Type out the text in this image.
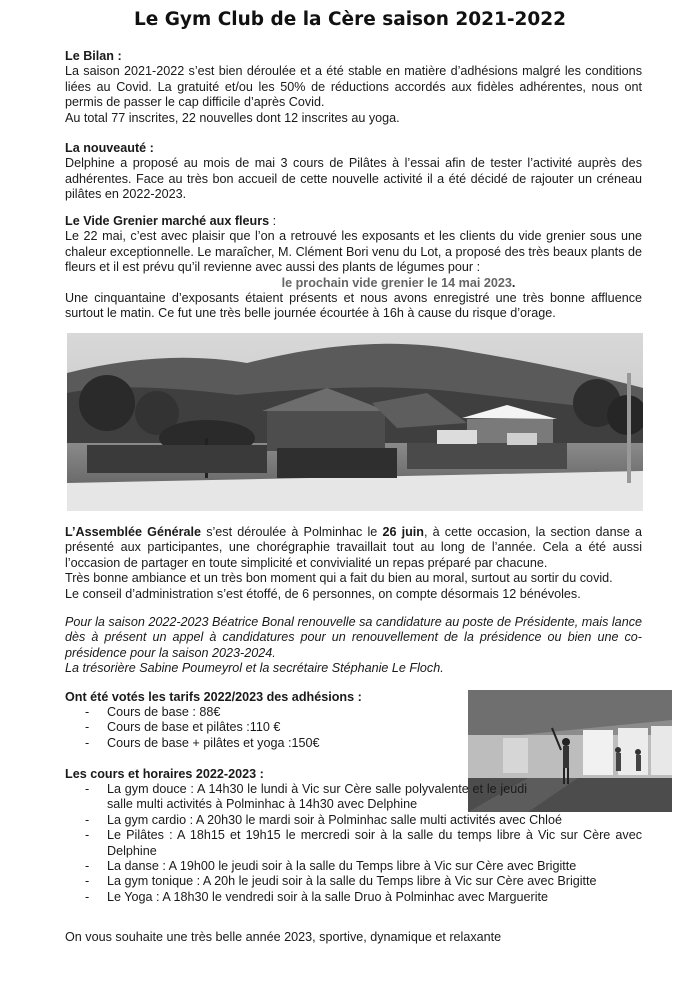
Le Gym Club de la Cère saison 2021-2022

Le Bilan :

La saison 2021-2022 s’est bien déroulée et a été stable en matière d’adhésions malgré les conditions liées au Covid. La gratuité et/ou les 50% de réductions accordés aux fidèles adhérentes, nous ont permis de passer le cap difficile d’après Covid.

Au total 77 inscrites, 22 nouvelles dont 12 inscrites au yoga.

La nouveauté :

Delphine a proposé au mois de mai 3 cours de Pilâtes à l’essai afin de tester l’activité auprès des adhérentes. Face au très bon accueil de cette nouvelle activité il a été décidé de rajouter un créneau pilâtes en 2022-2023.

Le Vide Grenier marché aux fleurs :

Le 22 mai, c’est avec plaisir que l’on a retrouvé les exposants et les clients du vide grenier sous une chaleur exceptionnelle. Le maraîcher, M. Clément Bori venu du Lot, a proposé des très beaux plants de fleurs et il est prévu qu’il revienne avec aussi des plants de légumes pour :

le prochain vide grenier le 14 mai 2023.

Une cinquantaine d’exposants étaient présents et nous avons enregistré une très bonne affluence surtout le matin. Ce fut une très belle journée écourtée à 16h à cause du risque d’orage.

L’Assemblée Générale s’est déroulée à Polminhac le 26 juin, à cette occasion, la section danse a présenté aux participantes, une chorégraphie travaillait tout au long de l’année. Cela a été aussi l’occasion de partager en toute simplicité et convivialité un repas préparé par chacune.

Très bonne ambiance et un très bon moment qui a fait du bien au moral, surtout au sortir du covid.

Le conseil d’administration s’est étoffé, de 6 personnes, on compte désormais 12 bénévoles.

Pour la saison 2022-2023 Béatrice Bonal renouvelle sa candidature au poste de Présidente, mais lance dès à présent un appel à candidatures pour un renouvellement de la présidence ou bien une co-présidence pour la saison 2023-2024.

La trésorière Sabine Poumeyrol et la secrétaire Stéphanie Le Floch.

Ont été votés les tarifs 2022/2023 des adhésions :

- Cours de base : 88€
- Cours de base et pilâtes :110 €
- Cours de base + pilâtes et yoga :150€

Les cours et horaires 2022-2023 :

- La gym douce : A 14h30 le lundi à Vic sur Cère salle polyvalente et le jeudi salle multi activités à Polminhac à 14h30 avec Delphine
- La gym cardio : A 20h30 le mardi soir à Polminhac salle multi activités avec Chloé
- Le Pilâtes : A 18h15 et 19h15 le mercredi soir à la salle du temps libre à Vic sur Cère avec Delphine
- La danse : A 19h00 le jeudi soir à la salle du Temps libre à Vic sur Cère avec Brigitte
- La gym tonique : A 20h le jeudi soir à la salle du Temps libre à Vic sur Cère avec Brigitte
- Le Yoga : A 18h30 le vendredi soir à la salle Druo à Polminhac avec Marguerite

On vous souhaite une très belle année 2023, sportive, dynamique et relaxante
